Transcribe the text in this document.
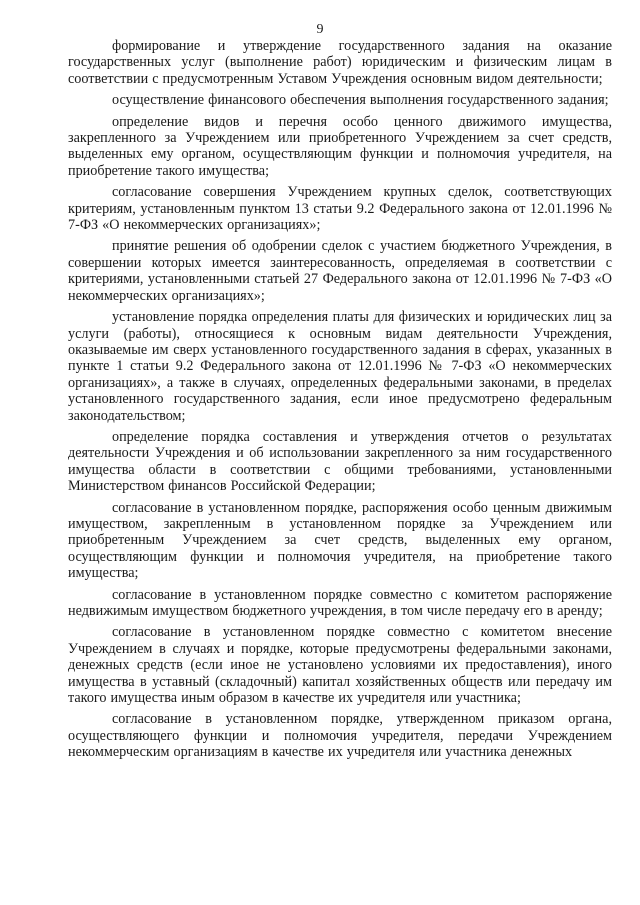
9

формирование и утверждение государственного задания на оказание государственных услуг (выполнение работ) юридическим и физическим лицам в соответствии с предусмотренным Уставом Учреждения основным видом деятельности;

осуществление финансового обеспечения выполнения государственного задания;

определение видов и перечня особо ценного движимого имущества, закрепленного за Учреждением или приобретенного Учреждением за счет средств, выделенных ему органом, осуществляющим функции и полномочия учредителя, на приобретение такого имущества;

согласование совершения Учреждением крупных сделок, соответствующих критериям, установленным пунктом 13 статьи 9.2 Федерального закона от 12.01.1996 № 7-ФЗ «О некоммерческих организациях»;

принятие решения об одобрении сделок с участием бюджетного Учреждения, в совершении которых имеется заинтересованность, определяемая в соответствии с критериями, установленными статьей 27 Федерального закона от 12.01.1996 № 7-ФЗ «О некоммерческих организациях»;

установление порядка определения платы для физических и юридических лиц за услуги (работы), относящиеся к основным видам деятельности Учреждения, оказываемые им сверх установленного государственного задания в сферах, указанных в пункте 1 статьи 9.2 Федерального закона от 12.01.1996 № 7-ФЗ «О некоммерческих организациях», а также в случаях, определенных федеральными законами, в пределах установленного государственного задания, если иное предусмотрено федеральным законодательством;

определение порядка составления и утверждения отчетов о результатах деятельности Учреждения и об использовании закрепленного за ним государственного имущества области в соответствии с общими требованиями, установленными Министерством финансов Российской Федерации;

согласование в установленном порядке, распоряжения особо ценным движимым имуществом, закрепленным в установленном порядке за Учреждением или приобретенным Учреждением за счет средств, выделенных ему органом, осуществляющим функции и полномочия учредителя, на приобретение такого имущества;

согласование в установленном порядке совместно с комитетом распоряжение недвижимым имуществом бюджетного учреждения, в том числе передачу его в аренду;

согласование в установленном порядке совместно с комитетом внесение Учреждением в случаях и порядке, которые предусмотрены федеральными законами, денежных средств (если иное не установлено условиями их предоставления), иного имущества в уставный (складочный) капитал хозяйственных обществ или передачу им такого имущества иным образом в качестве их учредителя или участника;

согласование в установленном порядке, утвержденном приказом органа, осуществляющего функции и полномочия учредителя, передачи Учреждением некоммерческим организациям в качестве их учредителя или участника денежных
